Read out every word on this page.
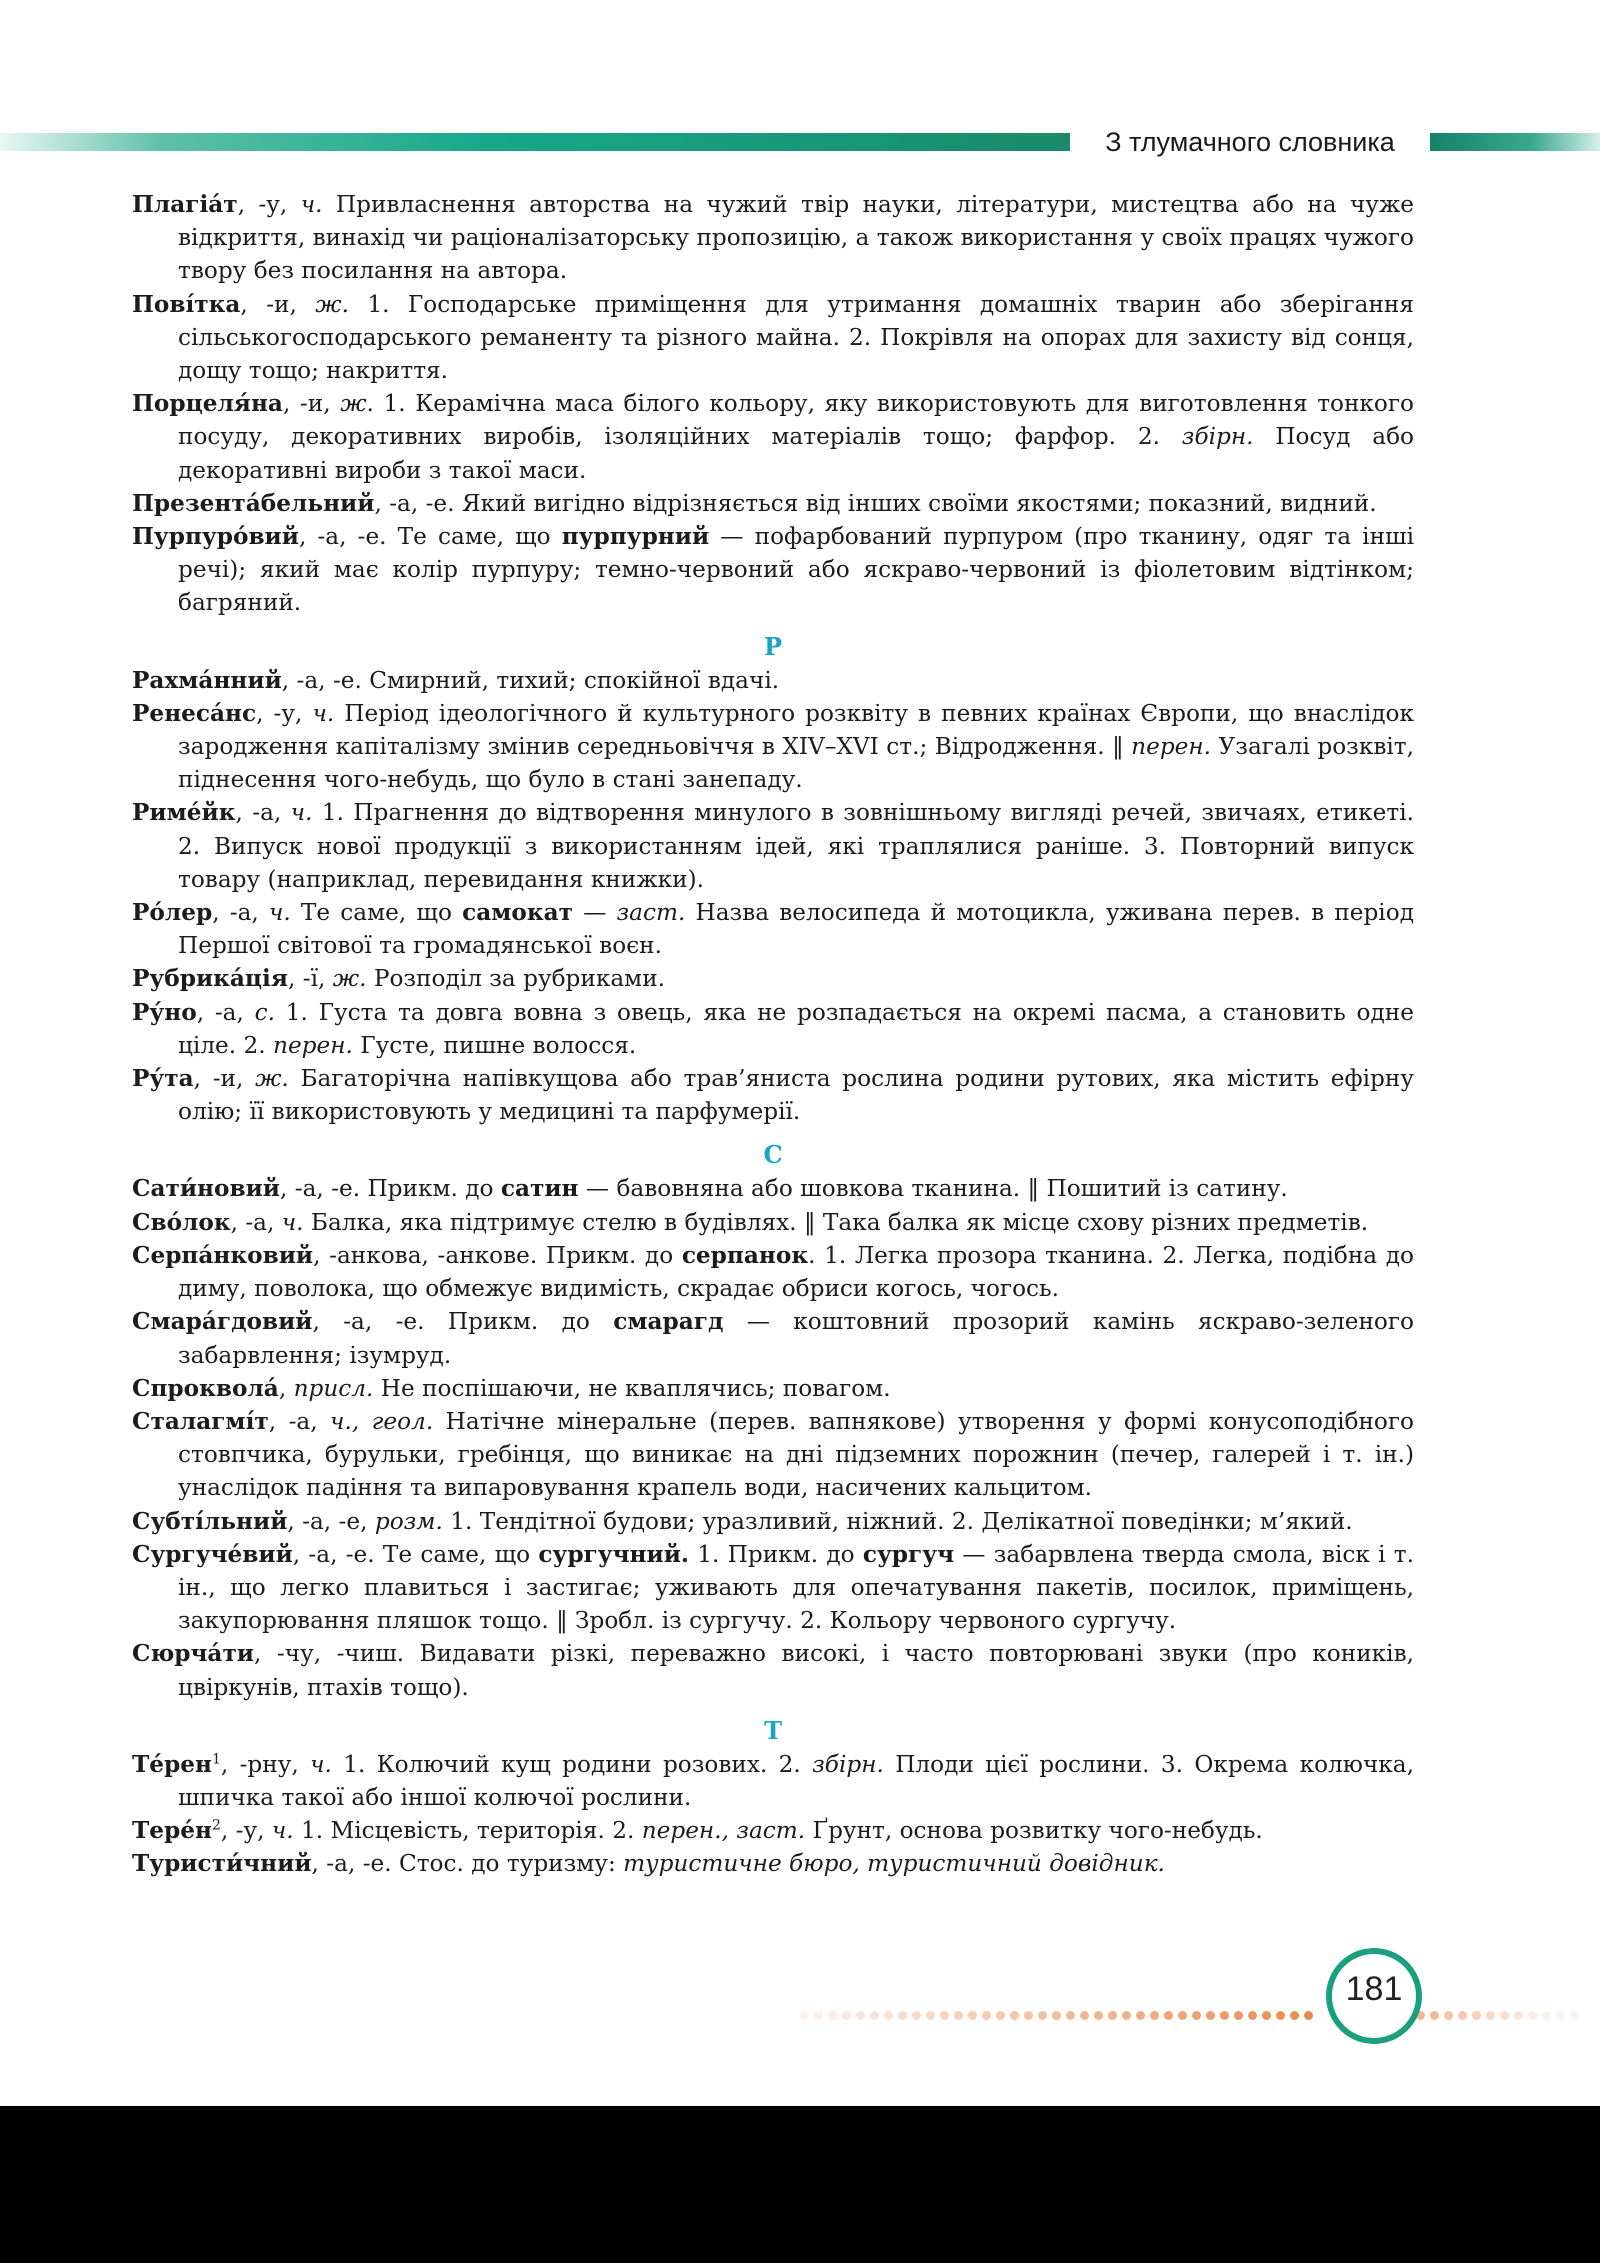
З тлумачного словника

Плагіа́т, -у, ч. Привласнення авторства на чужий твір науки, літератури, мистецтва або на чуже відкриття, винахід чи раціоналізаторську пропозицію, а також використання у своїх працях чужого твору без посилання на автора.

Пові́тка, -и, ж. 1. Господарське приміщення для утримання домашніх тварин або зберігання сільськогосподарського реманенту та різного майна. 2. Покрівля на опорах для захисту від сонця, дощу тощо; накриття.

Порцеля́на, -и, ж. 1. Керамічна маса білого кольору, яку використовують для виготовлення тонкого посуду, декоративних виробів, ізоляційних матеріалів тощо; фарфор. 2. збірн. Посуд або декоративні вироби з такої маси.

Презента́бельний, -а, -е. Який вигідно відрізняється від інших своїми якостями; показний, видний.

Пурпуро́вий, -а, -е. Те саме, що пурпурний — пофарбований пурпуром (про тканину, одяг та інші речі); який має колір пурпуру; темно-червоний або яскраво-червоний із фіолетовим відтінком; багряний.

Р

Рахма́нний, -а, -е. Смирний, тихий; спокійної вдачі.

Ренеса́нс, -у, ч. Період ідеологічного й культурного розквіту в певних країнах Європи, що внаслідок зародження капіталізму змінив середньовіччя в XIV–XVI ст.; Відродження. ‖ перен. Узагалі розквіт, піднесення чого-небудь, що було в стані занепаду.

Риме́йк, -а, ч. 1. Прагнення до відтворення минулого в зовнішньому вигляді речей, звичаях, етикеті. 2. Випуск нової продукції з використанням ідей, які траплялися раніше. 3. Повторний випуск товару (наприклад, перевидання книжки).

Ро́лер, -а, ч. Те саме, що самокат — заст. Назва велосипеда й мотоцикла, уживана перев. в період Першої світової та громадянської воєн.

Рубрика́ція, -ї, ж. Розподіл за рубриками.

Ру́но, -а, с. 1. Густа та довга вовна з овець, яка не розпадається на окремі пасма, а становить одне ціле. 2. перен. Густе, пишне волосся.

Ру́та, -и, ж. Багаторічна напівкущова або трав’яниста рослина родини рутових, яка містить ефірну олію; її використовують у медицині та парфумерії.

С

Сати́новий, -а, -е. Прикм. до сатин — бавовняна або шовкова тканина. ‖ Пошитий із сатину.

Сво́лок, -а, ч. Балка, яка підтримує стелю в будівлях. ‖ Така балка як місце схову різних предметів.

Серпа́нковий, -анкова, -анкове. Прикм. до серпанок. 1. Легка прозора тканина. 2. Легка, подібна до диму, поволока, що обмежує видимість, скрадає обриси когось, чогось.

Смара́гдовий, -а, -е. Прикм. до смарагд — коштовний прозорий камінь яскраво-зеленого забарвлення; ізумруд.

Спроквола́, присл. Не поспішаючи, не кваплячись; повагом.

Сталагмі́т, -а, ч., геол. Натічне мінеральне (перев. вапнякове) утворення у формі конусоподібного стовпчика, бурульки, гребінця, що виникає на дні підземних порожнин (печер, галерей і т. ін.) унаслідок падіння та випаровування крапель води, насичених кальцитом.

Субті́льний, -а, -е, розм. 1. Тендітної будови; уразливий, ніжний. 2. Делікатної поведінки; м’який.

Сургуче́вий, -а, -е. Те саме, що сургучний. 1. Прикм. до сургуч — забарвлена тверда смола, віск і т. ін., що легко плавиться і застигає; уживають для опечатування пакетів, посилок, приміщень, закупорювання пляшок тощо. ‖ Зробл. із сургучу. 2. Кольору червоного сургучу.

Сюрча́ти, -чу, -чиш. Видавати різкі, переважно високі, і часто повторювані звуки (про коників, цвіркунів, птахів тощо).

Т

Те́рен$^1$, -рну, ч. 1. Колючий кущ родини розових. 2. збірн. Плоди цієї рослини. 3. Окрема колючка, шпичка такої або іншої колючої рослини.

$Тере́н^2$, -у, ч. 1. Місцевість, територія. 2. перен., заст. Ґрунт, основа розвитку чого-небудь.

Туристи́чний, -а, -е. Стос. до туризму: туристичне бюро, туристичний довідник.

181
